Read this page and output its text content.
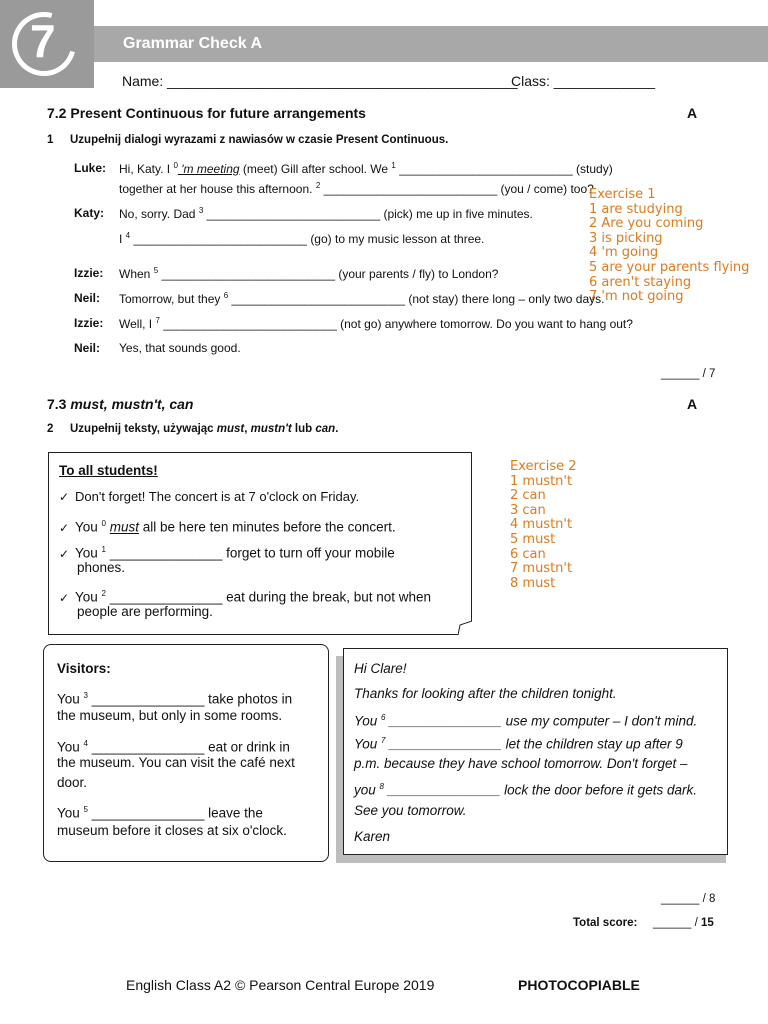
7	Grammar Check A
Name: _____________________________________________
Class: _____________
7.2 Present Continuous for future arrangements	A
1 Uzupełnij dialogi wyrazami z nawiasów w czasie Present Continuous.
Luke: Hi, Katy. I $^0$ 'm meeting (meet) Gill after school. We $^1$ __________________________ (study)
together at her house this afternoon. $^2$ __________________________ (you / come) too?
Katy: No, sorry. Dad $^3$ __________________________ (pick) me up in five minutes.
I $^4$ __________________________ (go) to my music lesson at three.
Izzie: When $^5$ __________________________ (your parents / fly) to London?
Neil: Tomorrow, but they $^6$ __________________________ (not stay) there long – only two days.
Izzie: Well, I $^7$ __________________________ (not go) anywhere tomorrow. Do you want to hang out?
Neil: Yes, that sounds good.
______ / 7
Exercise 1
1 are studying
2 Are you coming
3 is picking
4 'm going
5 are your parents flying
6 aren't staying
7 'm not going
7.3 must, mustn't, can	A
2 Uzupełnij teksty, używając must, mustn't lub can.
To all students!
✓ Don't forget! The concert is at 7 o'clock on Friday.
✓ You $^0$ must all be here ten minutes before the concert.
✓ You $^1$ _______________ forget to turn off your mobile
phones.
✓ You $^2$ _______________ eat during the break, but not when
people are performing.
Exercise 2
1 mustn't
2 can
3 can
4 mustn't
5 must
6 can
7 mustn't
8 must
Visitors:
You $^3$ _______________ take photos in
the museum, but only in some rooms.
You $^4$ _______________ eat or drink in
the museum. You can visit the café next
door.
You $^5$ _______________ leave the
museum before it closes at six o'clock.
Hi Clare!
Thanks for looking after the children tonight.
You $^6$ _______________ use my computer – I don't mind.
You $^7$ _______________ let the children stay up after 9
p.m. because they have school tomorrow. Don't forget –
you $^8$ _______________ lock the door before it gets dark.
See you tomorrow.
Karen
______ / 8
Total score: ______ / 15
English Class A2 © Pearson Central Europe 2019	PHOTOCOPIABLE
